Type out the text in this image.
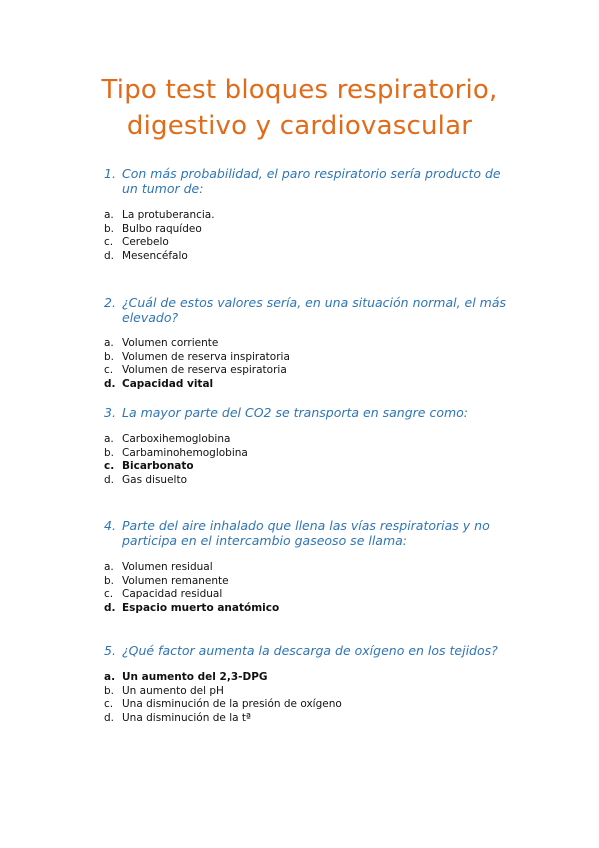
Tipo test bloques respiratorio,
digestivo y cardiovascular
1. Con más probabilidad, el paro respiratorio sería producto de un tumor de:
a. La protuberancia.
b. Bulbo raquídeo
c. Cerebelo
d. Mesencéfalo
2. ¿Cuál de estos valores sería, en una situación normal, el más elevado?
a. Volumen corriente
b. Volumen de reserva inspiratoria
c. Volumen de reserva espiratoria
d. Capacidad vital
3. La mayor parte del CO2 se transporta en sangre como:
a. Carboxihemoglobina
b. Carbaminohemoglobina
c. Bicarbonato
d. Gas disuelto
4. Parte del aire inhalado que llena las vías respiratorias y no participa en el intercambio gaseoso se llama:
a. Volumen residual
b. Volumen remanente
c. Capacidad residual
d. Espacio muerto anatómico
5. ¿Qué factor aumenta la descarga de oxígeno en los tejidos?
a. Un aumento del 2,3-DPG
b. Un aumento del pH
c. Una disminución de la presión de oxígeno
d. Una disminución de la tª
